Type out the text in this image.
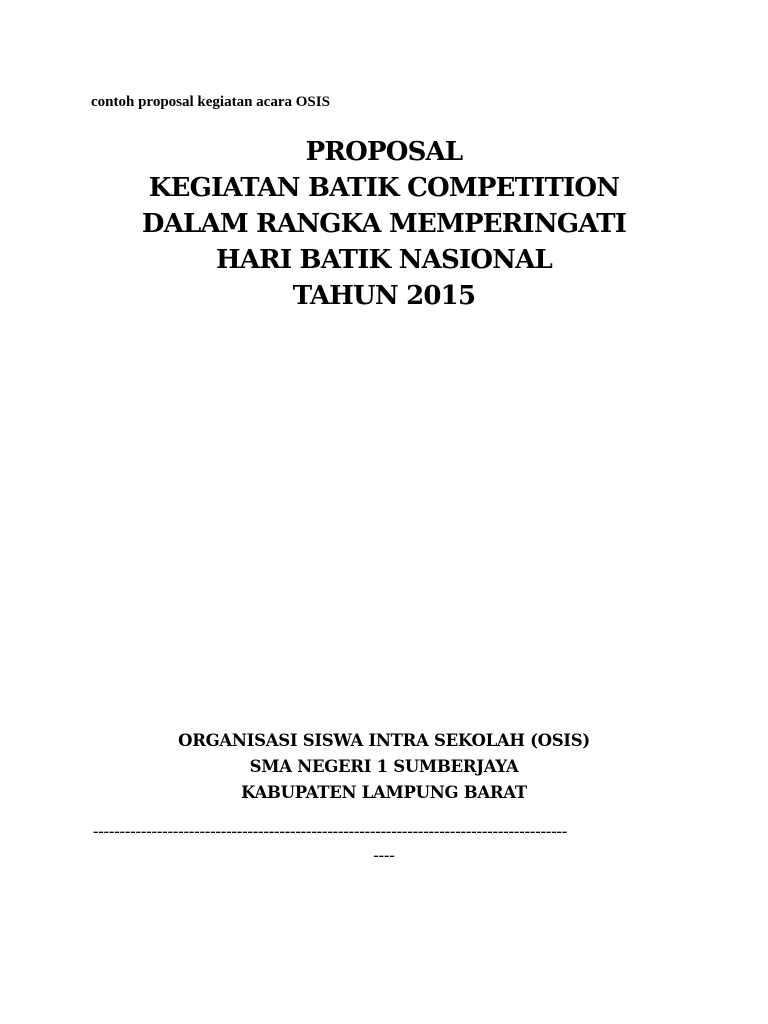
contoh proposal kegiatan acara OSIS
PROPOSAL
KEGIATAN BATIK COMPETITION
DALAM RANGKA MEMPERINGATI
HARI BATIK NASIONAL
TAHUN 2015
ORGANISASI SISWA INTRA SEKOLAH (OSIS)
SMA NEGERI 1 SUMBERJAYA
KABUPATEN LAMPUNG BARAT
-----------------------------------------------------------------------------------------
----
